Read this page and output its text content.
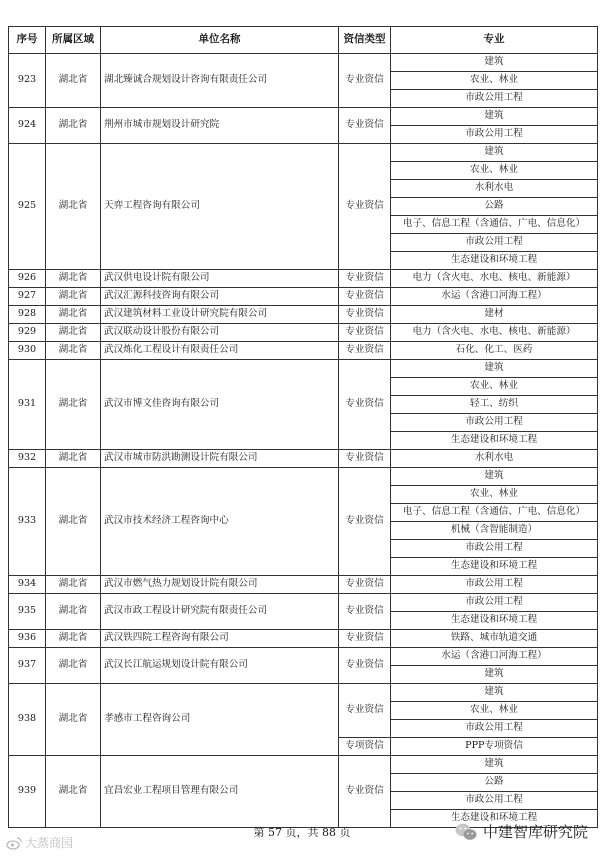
序号	所属区域	单位名称	资信类型	专业
923	湖北省	湖北臻诚合规划设计咨询有限责任公司	专业资信	建筑
				农业、林业
				市政公用工程
924	湖北省	荆州市城市规划设计研究院	专业资信	建筑
				市政公用工程
925	湖北省	天弈工程咨询有限公司	专业资信	建筑
				农业、林业
				水利水电
				公路
				电子、信息工程（含通信、广电、信息化）
				市政公用工程
				生态建设和环境工程
926	湖北省	武汉供电设计院有限公司	专业资信	电力（含火电、水电、核电、新能源）
927	湖北省	武汉汇源科技咨询有限公司	专业资信	水运（含港口河海工程）
928	湖北省	武汉建筑材料工业设计研究院有限公司	专业资信	建材
929	湖北省	武汉联动设计股份有限公司	专业资信	电力（含火电、水电、核电、新能源）
930	湖北省	武汉炼化工程设计有限责任公司	专业资信	石化、化工、医药
931	湖北省	武汉市博文佳咨询有限公司	专业资信	建筑
				农业、林业
				轻工、纺织
				市政公用工程
				生态建设和环境工程
932	湖北省	武汉市城市防洪勘测设计院有限公司	专业资信	水利水电
933	湖北省	武汉市技术经济工程咨询中心	专业资信	建筑
				农业、林业
				电子、信息工程（含通信、广电、信息化）
				机械（含智能制造）
				市政公用工程
				生态建设和环境工程
934	湖北省	武汉市燃气热力规划设计院有限公司	专业资信	市政公用工程
935	湖北省	武汉市政工程设计研究院有限责任公司	专业资信	市政公用工程
				生态建设和环境工程
936	湖北省	武汉铁四院工程咨询有限公司	专业资信	铁路、城市轨道交通
937	湖北省	武汉长江航运规划设计院有限公司	专业资信	水运（含港口河海工程）
				建筑
938	湖北省	孝感市工程咨询公司	专业资信	建筑
				农业、林业
				市政公用工程
			专项资信	PPP专项资信
939	湖北省	宜昌宏业工程项目管理有限公司	专业资信	建筑
				公路
				市政公用工程
				生态建设和环境工程
第 57 页，共 88 页
大蒸商园
中建智库研究院
